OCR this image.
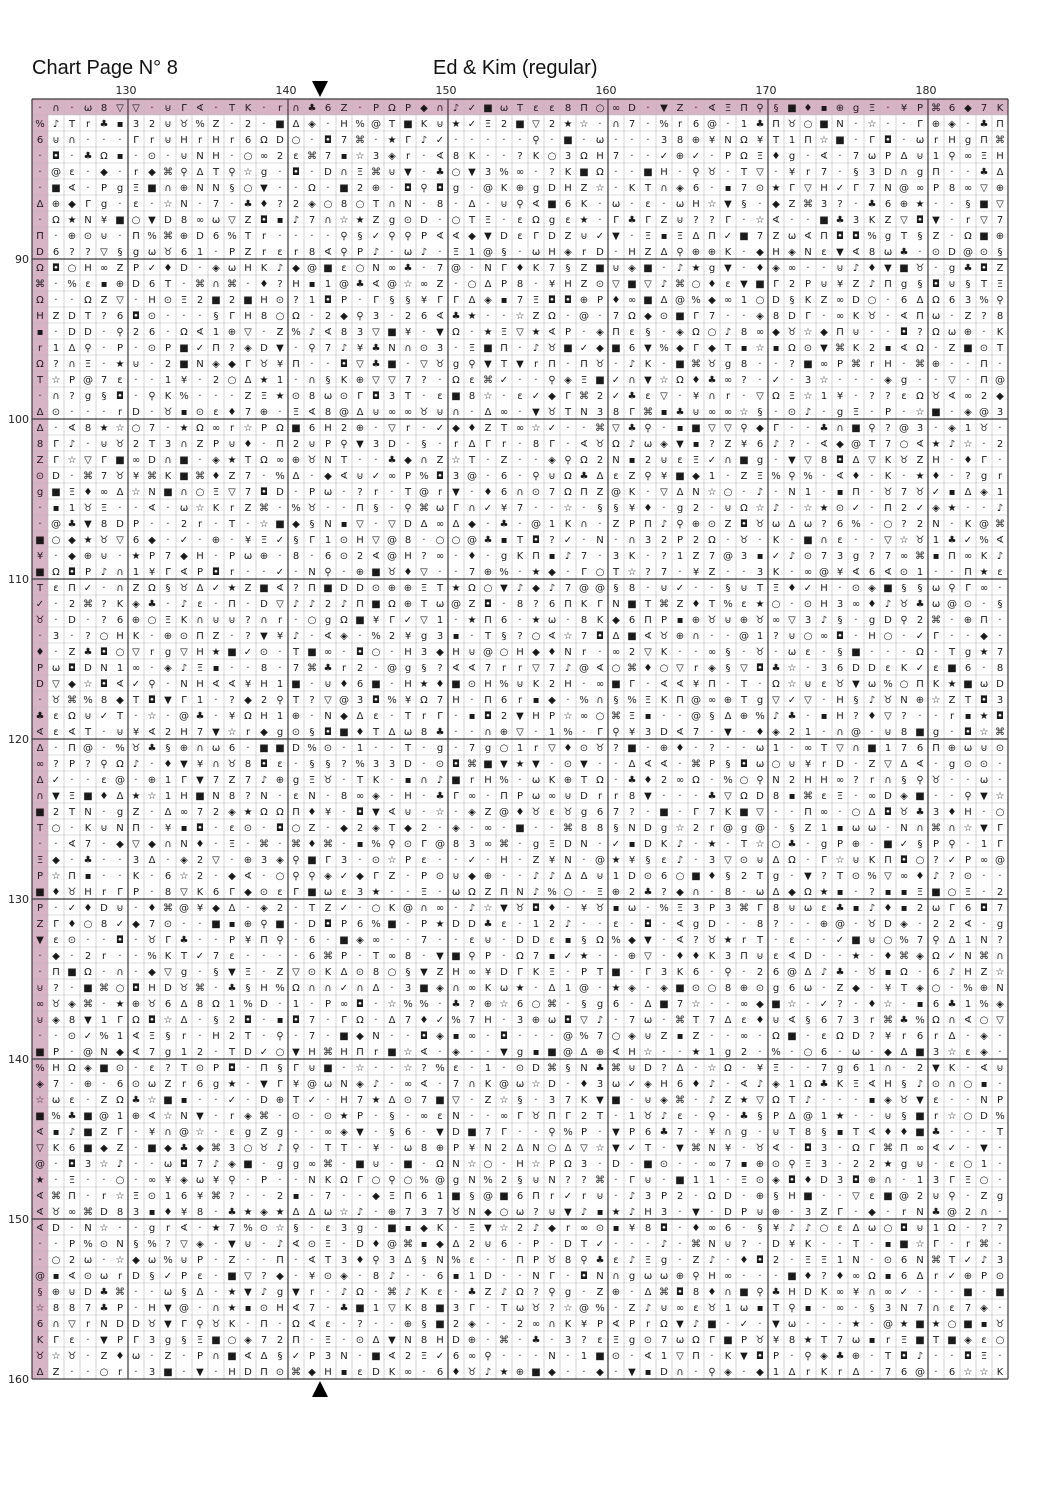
Chart Page N° 8	Ed & Kim (regular)
· ∩ · ω 8 ▽ ▽ · ⊍ Γ ∢ · T K · r ∩ ♣ 6 Z · P Ω P ◆ ∩ ♪ ✓ ■ ω T ε ε 8 Π ○ ∞ D · ▼ Z · ∢ Ξ Π ⚲ § ■ ♦ ▪ ⊕ g Ξ · ¥ P ⌘ 6 ◆ 7 K
% ♪ T r ♣ ▪ 3 2 ⊍ ♉ % Z · 2 · ■ Δ ◈ · H % @ T ■ K ⊍ ★ ✓ Ξ 2 ■ ▽ 2 ★ ☆ · ∩ 7 · % r 6 @ · 1 ♣ Π ♉ ○ ■ N · ☆ · · Γ ⊕ ◈ · ♣ Π
6 ⊍ ∩ · · · Γ r ⊍ H r H r 6 Ω D ○ · ◘ 7 ⌘ · ★ Γ ♪ ✓ · · · · · ⚲ · ■ · ω · · · 3 8 ⊕ ¥ N Ω ¥ T 1 Π ☆ ■ · Γ ◘ · ω r H g Π ⌘
· ◘ · ♣ Ω ▪ · ⊙ · ⊍ N H · ○ ∞ 2 ε ⌘ 7 ▪ ☆ 3 ◈ r · ∢ 8 K · · ? K ○ 3 Ω H 7 · · ✓ ⊕ ✓ · P Ω Ξ ♦ g · ∢ · 7 ω P Δ ⊍ 1 ⚲ ∞ Ξ H
· @ ε · ◆ · r ◆ ⌘ ⚲ Δ T ⚲ ☆ g · ◘ · D ∩ Ξ ⌘ ⊍ ▼ · ♣ ○ ▼ 3 % ∞ · ? K ■ Ω · · ■ H · ⚲ ♉ · T ▽ · ¥ r 7 · § 3 D ∩ g Π · · ♣ Δ
· ■ ∢ · P g Ξ ■ ∩ ⊕ N N § ○ ▼ · · Ω · ■ 2 ⊕ · ◘ ⚲ ◘ g · @ K ⊕ g D H Z ☆ · K T ∩ ◈ 6 · ▪ 7 ⊙ ★ Γ ▽ H ✓ Γ 7 N @ ∞ P 8 ∞ ▽ ⊕
Δ ⊕ ◆ Γ g · ε · ☆ N · 7 · ♣ ♦ ? 2 ◈ ○ 8 ○ T ∩ N · 8 · Δ · ⊍ ⚲ ∢ ■ 6 K · ω · ε · ω H ☆ ▼ § · ◆ Z ⌘ 3 ? · ♣ 6 ⊕ ★ · · § ■ ▽
· Ω ★ N ¥ ■ ○ ▼ D 8 ∞ ω ▽ Z ◘ ▪ ♪ 7 ∩ ☆ ★ Z g ⊙ D · ○ T Ξ · ε Ω g ε ★ · Γ ♣ Γ Z ⊍ ? ? Γ · ☆ ∢ · · ■ ♣ 3 K Z ▽ ◘ ▼ · r ▽ 7
Π · ⊕ ⊙ ⊍ · Π % ⌘ ⊕ D 6 % T r · · · · ⚲ § ✓ ⚲ ⚲ P ∢ ∢ ◆ ▼ D ε Γ D Z ⊍ ✓ ▼ · Ξ ▪ Ξ Δ Π ✓ ■ 7 Z ω ∢ Π ◘ ◘ % g T § Z · Ω ■ ⊕
D 6 ? ? ▽ § g ω ♉ 6 1 · P Z r ε r 8 ∢ ⚲ P ♪ · ω ♪ · Ξ 1 @ § · ω H ◈ r D · H Z Δ ⚲ ⊕ ⊕ K · ◆ H ◈ N ε ▼ ∢ 8 ω ♣ · ⊙ D @ ⊙ §
Ω ◘ ○ H ∞ Z P ✓ ♦ D · ◈ ω H K ♪ ◆ @ ■ ε ○ N ∞ ♣ · 7 @ · N Γ ♦ K 7 § Z ■ ⊍ ◈ ■ · ♪ ★ g ▼ · ♦ ◈ ∞ · · ⊍ ♪ ♦ ▼ ■ ♉ · g ♣ ◘ Z
⌘ · % ε ▪ ⊕ D 6 T · ⌘ ∩ ⌘ · ♦ ? H ▪ 1 @ ♣ ∢ @ ☆ ∞ Z · ○ Δ P 8 · ¥ H Z ⊙ ▽ ■ ▽ ♪ ⌘ ○ ♦ ε ▼ ■ Γ 2 P ⊍ ¥ Z ♪ Π g § ◘ ⊍ § T Ξ
Ω · · Ω Z ▽ · H ⊙ Ξ 2 ■ 2 ■ H ⊙ ? 1 ◘ P · Γ § § ¥ Γ Γ Δ ◈ ▪ 7 Ξ ◘ ◘ ⊕ P ♦ ∞ ■ Δ @ % ◆ ∞ 1 ○ D § K Z ∞ D ○ · 6 Δ Ω 6 3 % ⚲
H Z D T ? 6 ◘ ⊙ · · · § Γ H 8 ○ Ω · 2 ◆ ⚲ 3 · 2 6 ∢ ♣ ★ · · ☆ Z Ω · @ · 7 Ω ◆ ⊙ ■ Γ 7 · · ◈ 8 D Γ · ∞ K ♉ · ∢ Π ω · Z ? 8
▪ · D D · ⚲ 2 6 · Ω ∢ 1 ⊕ ▽ · Z % ♪ ∢ 8 3 ▽ ■ ¥ · ▼ Ω · ★ Ξ ▽ ★ ∢ P · ◈ Π ε § · ◈ Ω ○ ♪ 8 ∞ ◆ ♉ ☆ ◆ Π ⊍ · · ◘ ? Ω ω ⊕ · K
r 1 Δ ⚲ · P · ⊙ P ■ ✓ Π ? ◈ D ▼ · ⚲ 7 ♪ ¥ ♣ N ∩ ⊙ 3 · Ξ ■ Π · ♪ ♉ ■ ✓ ◆ ■ 6 ▼ % ◆ Γ ◆ T ▪ ☆ ▪ Ω ⊙ ▼ ⌘ K 2 ▪ ∢ Ω · Z ■ ⊙ T
Ω ? ∩ Ξ · ★ ⊍ · 2 ■ N ◈ ◆ Γ ♉ ¥ Π · · ◘ ▽ ♣ ■ · ▽ ♉ g ⚲ ▼ T ▼ r Π · Π ♉ · ♪ K · ■ ⌘ ♉ g 8 · · ? ■ ∞ P ⌘ r H · ⌘ ⊕ · · Π ·
T ☆ P @ 7 ε · · 1 ¥ · 2 ○ Δ ★ 1 · ∩ § K ⊕ ▽ ▽ 7 ? · Ω ε ⌘ ✓ · · ⚲ ◈ Ξ ■ ✓ ∩ ▼ ☆ Ω ♦ ♣ ∞ ? · ✓ · 3 ☆ · · · ◈ g · · ▽ · Π @
· ∩ ? g § ◘ · ⚲ K % · · · Z Ξ ★ ⊙ 8 ω ⊙ Γ ◘ 3 T · ε ■ 8 ☆ · ε ✓ ◆ Γ ⌘ 2 ✓ ♣ ε ▽ · ¥ ∩ r · ▽ Ω Ξ ☆ 1 ¥ · ? ? ε Ω ♉ ∢ ∞ 2 ◆
Δ ⊙ · · · r D · ♉ ▪ ⊙ ε ♦ 7 ⊕ · Ξ ∢ 8 @ Δ ⊍ ∞ ∞ ♉ ⊍ ∩ · Δ ∞ · ▼ ♉ T N 3 8 Γ ⌘ ▪ ♣ ⊍ ∞ ∞ ☆ § · ⊙ ♪ · g Ξ · P · ☆ ■ · ◈ @ 3
Δ · ∢ 8 ★ ☆ ○ 7 · ★ Ω ∞ r ☆ P Ω ■ 6 H 2 ⊕ · ▽ r · ✓ ◆ ♦ Z T ∞ ☆ ✓ · · ⌘ ▽ ♣ ⚲ · ▪ ■ ▽ ▽ ⚲ ◆ Γ · · ♣ ∩ ■ ⚲ ? @ 3 · ◈ 1 ♉ ·
8 Γ ♪ · ⊍ ♉ 2 T 3 ∩ Z P ⊍ ♦ · Π 2 ⊍ P ⚲ ▼ 3 D · § · r Δ Γ r · 8 Γ · ∢ ♉ Ω ♪ ω ◈ ▼ ▪ ? Z ¥ 6 ♪ ? · ∢ ◆ @ T 7 ○ ∢ ★ ♪ ☆ · 2
Z Γ ☆ ▽ Γ ■ ∞ D ∩ ■ · ◈ ★ T Ω ∞ ⊕ ♉ N T · · ♣ ◆ ∩ Z ☆ T · Z · · ◈ ⚲ Ω 2 N ▪ 2 ⊍ ε Ξ ✓ ∩ ■ g · ▼ ▽ 8 ◘ Δ ▽ K ♉ Z H · ♦ Γ ·
⊙ D · ⌘ 7 ♉ ¥ ⌘ K ■ ⌘ ♦ Z 7 · % Δ · ◆ ∢ ⊍ ✓ ∞ P % ◘ 3 @ · 6 · ⚲ ⊍ Ω ♣ Δ ε Z ⚲ ¥ ■ ◆ 1 · Z Ξ % ⚲ % · ∢ ♦ · K · ★ ♦ · ? g r
g ■ Ξ ♦ ∞ Δ ☆ N ■ ∩ ○ Ξ ▽ 7 ◘ D · P ω · ? r · T @ r ▼ · ♦ 6 ∩ ⊙ 7 Ω Π Z @ K · ▽ Δ N ☆ ○ · ♪ · N 1 · ▪ Π · ♉ 7 ♉ ✓ ▪ Δ ◈ 1
· ▪ 1 ♉ Ξ · · ∢ · ω ☆ K r Z ⌘ · % ♉ · · Π § · ⚲ ⌘ ω Γ ∩ ✓ ¥ 7 · · ☆ · § § ¥ ♦ · g 2 · ⊍ Ω ☆ ♪ · ☆ ★ ⊙ ✓ · Π 2 ✓ ◈ ★ · · ♪
· @ ♣ ▼ 8 D P · · 2 r · T · ☆ ■ ◆ § N ▪ ▽ · ▽ D Δ ∞ Δ ◆ · ♣ · @ 1 K ∩ · Z P Π ♪ ⚲ ⊕ ⊙ Z ◘ ♉ ω Δ ω ? 6 % · ○ ? 2 N · K @ ⌘
■ ○ ◆ ★ ♉ ▽ 6 ◆ · ✓ · ⊕ · ¥ Ξ ✓ § Γ 1 ⊙ H ▽ @ 8 · ○ ○ @ ♣ ▪ T ◘ ? ✓ · N · ∩ 3 2 P 2 Ω · ♉ · K · ■ ∩ ε · · ▽ ☆ ♉ 1 ♣ ✓ % ∢
¥ · ◆ ⊕ ⊍ · ★ P 7 ◆ H · P ω ⊕ · 8 · 6 ⊙ 2 ∢ @ H ? ∞ · ♦ · g K Π ▪ ♪ 7 · 3 K · ? 1 Z 7 @ 3 ▪ ✓ ♪ ⊙ 7 3 g ? 7 ∞ ⌘ ▪ Π ∞ K ♪
■ Ω ◘ P ♪ ∩ 1 ¥ Γ ∢ P ◘ r · · ✓ · N ⚲ · ⊕ ■ ♉ ♦ ▽ · · 7 ⊕ % · ★ ◆ · Γ ○ T ☆ ? 7 · ¥ Z · · 3 K · ∞ @ ¥ ∢ 6 ∢ ⊙ 1 · · Π ★ ε
T ε Π ✓ · ∩ Z Ω § ♉ Δ ✓ ★ Z ■ ∢ ? Π ■ D D ⊙ ⊕ ⊕ Ξ T ★ Ω ○ ▼ ♪ ◆ ♪ 7 @ @ § 8 · ⊍ ✓ · · § ⊍ T Ξ ♦ ✓ H · ⊙ ◈ ■ § § ω ⚲ Γ ∞ ·
✓ · 2 ⌘ ? K ◈ ♣ · ♪ ε · Π · D ▽ ♪ ♪ 2 ♪ Π ■ Ω ⊕ T ω @ Z ◘ · 8 ? 6 Π K Γ N ■ T ⌘ Z ♦ T % ε ★ ○ · ⊙ H 3 ∞ ♦ ♪ ♉ ♣ ω @ ⊙ · §
♉ · D · ? 6 ⊕ ○ Ξ K ∩ ⊍ ⊍ ? ∩ r · ○ g Ω ■ ¥ Γ ✓ ▽ 1 · ★ Π 6 · ★ ω · 8 K ◆ 6 Π P ▪ ⊕ ♉ ⊍ ⊕ ♉ ∞ ▽ 3 ♪ § · g D ⚲ 2 ⌘ · ⊕ Π ·
· 3 · ? ○ H K · ⊕ ⊙ Π Z · ? ▼ ¥ ♪ · ∢ ◈ · % 2 ¥ g 3 ▪ · T § ? ○ ∢ ☆ 7 ◘ Δ ■ ∢ ♉ ⊕ ∩ · · @ 1 ? ⊍ ○ ∞ ◘ · H ○ · ✓ Γ · · ◆ ·
♦ · Z ♣ ◘ ○ ▽ r g ▽ H ★ ■ ✓ ⊙ · T ■ ∞ · ◘ ○ · H 3 ◆ H ⊍ @ ○ H ◆ ♦ N r · ∞ 2 ▽ K · · ∞ § · ♉ · ω ε · § ■ · · · Ω · T g ★ 7
P ω ◘ D N 1 ∞ · ◈ ♪ Ξ ▪ · · 8 · 7 ⌘ ♣ r 2 · @ g § ? ∢ ∢ 7 r r ▽ 7 ♪ @ ∢ ○ ⌘ ♦ ○ ▽ r ◈ § ▽ ◘ ♣ ☆ · 3 6 D D ε K ✓ ε ■ 6 · 8
D ▽ ◆ ☆ ◘ ∢ ✓ ⚲ · N H ∢ ∢ ¥ H 1 ■ · ⊍ ♦ 6 ■ · H ★ ♦ ■ ⊙ H % ⊍ K 2 H · ∞ ■ Γ · ∢ ∢ ¥ Π · T · Ω ☆ ⊍ ε ♉ ▼ ω % ○ Π K ★ ■ ω D
· ♉ ⌘ % 8 ◆ T ◘ ▼ Γ 1 · ? ◆ 2 ⚲ T ? ▽ @ 3 ◘ % ¥ Ω 7 H · Π 6 r ▪ ◆ · % ∩ § % Ξ K Π @ ∞ ⊕ T g ▽ ✓ ▽ · H § ♪ ♉ N ⊕ ☆ Z T ◘ 3
♣ ε Ω ⊍ ✓ T · ☆ · @ ♣ · ¥ Ω H 1 ⊕ · N ◆ Δ ε · T r Γ · ▪ ◘ 2 ▼ H P ☆ ∞ ○ ⌘ Ξ ▪ · · @ § Δ ⊕ % ♪ ♣ · ▪ H ? ♦ ▽ ? · · r ▪ ★ ◘
∢ ε ∢ T · ⊍ ¥ ∢ 2 H 7 ▼ ☆ r ◆ g ⊙ § ◘ ■ ♦ T Δ ω 8 ♣ · · ∩ ⊕ ▽ · 1 % · Γ ⚲ ¥ 3 D ∢ 7 · ▼ · ♦ ◈ 2 1 · ∩ @ · ⊍ 8 ■ g · ◘ ☆ ⌘
Δ · Π @ · % ♉ ♣ § ⊕ ∩ ω 6 · ■ ■ D % ⊙ · 1 · · T · g · 7 g ○ 1 r ▽ ♦ ⊙ ♉ ? ■ · ⊕ ♦ · ? · · ω 1 · ∞ T ▽ ∩ ■ 1 7 6 Π ⊕ ω ⊍ ⊙
∞ ? P ? ⚲ Ω ♪ · ♦ ▼ ¥ ∩ ♉ 8 ◘ ε · § § ? % 3 3 D · ⊙ ◘ ⌘ ■ ▼ ★ ▼ · ⊙ ▼ · · Δ ∢ ∢ · ⌘ P § ◘ ω ○ ⊍ ¥ r D · Z ▽ Δ ∢ · g ⊙ ⊙ ·
Δ ✓ · · ε @ · ⊕ 1 Γ ▼ 7 Z 7 ♪ ⊕ g Ξ ♉ · T K · ▪ ∩ ♪ ■ r H % · ω K ⊕ T Ω · ♣ ♦ 2 ∞ Ω · % ○ ⚲ N 2 H H ∞ ? r ∩ § ⚲ ♉ · · ω ·
∩ ▼ Ξ ■ ♦ Δ ★ ☆ 1 H ■ N 8 ? N · ε N · 8 ∞ ◈ · H · ♣ Γ ∞ · Π P ω ∞ ⊍ D r r 8 ▼ · · · ♣ ▽ Ω D 8 ▪ ⌘ ε Ξ · ∞ D ◈ ■ · · ⚲ ▼ ☆
■ 2 T N · g Z · Δ ∞ 7 2 ◈ ★ Ω Ω Π ♦ ¥ · ◘ ▼ ∢ ⊍ · ☆ · ◈ Z @ ♦ ♉ ε ♉ g 6 7 ? · ■ · Γ 7 K ■ ▽ · · Π ∞ · ○ Δ ◘ ♉ ♣ 3 ♦ H · ○
T ○ · K ⊍ N Π · ¥ ▪ ◘ · ε ⊙ · ◘ ○ Z · ◆ 2 ◈ T ◆ 2 · ◈ · ∞ · ■ · · ⌘ 8 8 § N D g ☆ 2 r @ g @ · § Z 1 ▪ ω ω · N ∩ ⌘ ∩ ☆ ▼ Γ
· · ∢ 7 · ◆ ▽ ◆ ∩ N ♦ · Ξ · ⌘ · ⌘ ♦ ⌘ · ▪ % ⚲ ⊙ Γ @ 8 3 ∞ ⌘ · g Ξ D N · ✓ ▪ D K ♪ · ★ · T ☆ ○ ♣ · g P ⊕ · ■ ✓ § P ⚲ · 1 Γ
Ξ ◆ · ♣ · · 3 Δ · ◈ 2 ▽ · ⊕ 3 ◈ ⚲ ■ Γ 3 · ⊙ ☆ P ε · · ✓ · H · Z ¥ N · @ ★ ¥ § ε ♪ · 3 ▽ ⊙ ⊍ Δ Ω · Γ ☆ ⊍ K Π ◘ ○ ? ✓ P ∞ @
P ☆ Π ▪ · · K · 6 ☆ 2 · ◆ ∢ · ○ ⚲ ⚲ ◈ ✓ ◆ Γ Z · P ⊙ ⊍ ◆ ⊕ · · ♪ ♪ Δ Δ ⊍ 1 D ⊙ 6 ○ ■ ♦ § 2 T g · ▼ ? T ⊙ % ▽ ∞ ♦ ♪ ? ⊙ · ·
■ ♦ ♉ H r Γ P · 8 ▽ K 6 Γ ◆ ⊙ ε Γ ■ ω ε 3 ★ · · Ξ · ω Ω Z Π N ♪ % ○ · Ξ ⊕ 2 ♣ ? ◆ ∩ · 8 · ω Δ ◆ Ω ★ ▪ · ? ▪ ▪ Ξ ■ ○ Ξ · 2
P · ✓ ♦ D ⊍ · ♦ ⌘ @ ¥ ◆ Δ · ◈ 2 · T Z ✓ · ○ K @ ∩ ∞ · ♪ ☆ ▼ ♉ ◘ ♦ · ¥ ♉ ▪ ω · % Ξ 3 P 3 ⌘ Γ 8 ⊍ ω ε ♣ ▪ ♪ ♦ ▪ 2 ω Γ 6 ◘ 7
Z Γ ♦ ○ 8 ✓ ◆ 7 ⊙ · · ■ ▪ ⊕ ⚲ ■ · D ◘ P 6 % ■ · P ★ D D ♣ ε · 1 2 ♪ · · ε · ◘ · ∢ g D · · 8 ? · · ⊕ @ · ♉ D ◈ · 2 2 ∢ · g
▼ ε ⊙ · · ◘ · ♉ Γ ♣ · · P ¥ Π ⚲ · 6 · ■ ◈ ∞ · · 7 · · ε ⊍ · D D ε ▪ § Ω % ◆ ▼ · ∢ ? ♉ ★ r T · ε · · ✓ ■ ⊍ ○ % 7 ⚲ Δ 1 N ?
· ◆ · 2 r · · % K T ✓ 7 ε · · · · 6 ⌘ P · T ∞ 8 · ▼ ■ ⚲ P · Ω 7 ▪ ✓ ★ · · ⊕ ▽ · ♦ ♦ K 3 Π ⊍ ε ∢ D · · ★ · ♦ ⌘ ◈ Ω ✓ N ⌘ ∩
· Π ■ Ω · ∩ · ◆ ▽ g · § ▼ Ξ · Z ▽ ⊙ K Δ ⊙ 8 ○ § ▼ Z H ∞ ¥ D Γ K Ξ · P T ■ · Γ 3 K 6 · ⚲ · 2 6 @ Δ ♪ ♣ · ♉ ▪ Ω · 6 ♪ H Z ☆
⊍ ? · ■ ⌘ ○ ◘ H D ♉ ⌘ · ♣ § H % Ω ∩ ∩ ✓ ∩ Δ · 3 ■ ◈ ∩ ∞ K ω ★ · Δ 1 @ · ★ ◈ · ◈ ■ ⊙ ○ 8 ⊕ ⊙ g 6 ω · Z ◆ · ¥ T ◈ ○ · % ⊕ N
∞ ♉ ◈ ⌘ · ★ ⊕ ♉ 6 Δ 8 Ω 1 % D · 1 · P ∞ ◘ · ☆ % % · ♣ ? ⊕ ☆ 6 ○ ⌘ · § g 6 · Δ ■ 7 ☆ · · ∞ ◆ ■ ☆ · ✓ ? · ♦ ☆ · ▪ 6 ♣ 1 % ◈
⊍ ◈ 8 ▼ 1 Γ Ω ◘ ☆ Δ · § 2 ◘ · ▪ ◘ 7 · Γ Ω · Δ 7 ♦ ✓ % 7 H · 3 ⊕ ω ◘ ▽ ♪ · 7 ω · ⌘ T 7 Δ ε ♦ ⊍ ∢ § 6 7 3 r ⌘ ♣ % Ω ∩ ∢ ○ ▽
· · ⊙ ✓ % 1 ∢ Ξ § r · H 2 T · ⚲ · 7 · ■ ◆ N · · ◘ ◈ ▪ ∞ · ◘ · · · @ % 7 ○ ◈ ⊍ Z ▪ Z · · ∞ · Ω ■ · ε Ω D ? ¥ r 6 r Δ · ◈ ·
■ P · @ N ◆ ∢ 7 g 1 2 · T D ✓ ○ ▼ H ⌘ H Π r ■ ☆ ∢ · ◈ · · ▼ g ▪ ■ @ Δ ⊕ ∢ H ☆ · · ★ 1 g 2 · % · ○ 6 · ω · ◆ Δ ■ 3 ☆ ε ◈ ·
% H Ω ◈ ■ ⊙ · ε ? T ⊙ P ◘ · Π § Γ ⊍ ■ · ☆ · · ☆ ? % ε · 1 · ⊙ D ⌘ § N ♣ ⌘ ⊍ D ? Δ · ☆ Ω · ¥ Ξ · · 7 g 6 1 ∩ · 2 ▼ K · ∢ ⊍
◈ 7 · ⊕ · 6 ⊙ ω Z r 6 g ★ · ▼ Γ ¥ @ ω N ◈ ♪ · ∞ ∢ · 7 ∩ K @ ω ☆ D · ♦ 3 ω ✓ ◈ H 6 ♦ ♪ · ∢ ♪ ◈ 1 Ω ♣ K Ξ ∢ H § ♪ ⊙ ∩ ○ ▪ ·
☆ ω ε · Z Ω ♣ ☆ ■ ▪ · · ✓ · D ⊕ T ✓ · H 7 ★ Δ ⊙ 7 ■ ▽ · Z ☆ § · 3 7 K ▼ ■ · ⊍ ◈ ⌘ · ♪ Z ★ ▽ Ω T ♪ · · · ▪ ◈ ♉ ▼ ε · · N P
■ % ♣ ■ @ 1 ⊕ ∢ ☆ N ▼ · r ◈ ⌘ · ⊙ · ⊙ ★ P · § · ∞ ε N · · ∞ Γ ♉ Π Γ 2 T · 1 ♉ ♪ ε · ⚲ · ♣ § P Δ @ 1 ★ · · ⊍ § ■ r ☆ ○ D %
∢ ▪ ♪ ■ Z Γ · ¥ ∩ @ ☆ · ε g Z g · · ∞ ◈ ▼ · § 6 · ▼ D ■ 7 Γ · · ⚲ % P · ▼ P 6 ♣ 7 · ¥ ∩ g · ⊍ T 8 § ▪ T ∢ ♦ ♦ ■ ♣ · · · T
▽ K 6 ■ ◆ Z · ■ ◆ ♣ ◆ ⌘ 3 ○ ♉ ♪ ⚲ · T T · ¥ · ω 8 ⊕ P ¥ N 2 Δ N ○ Δ ▽ ☆ ▼ ✓ T · ▼ ⌘ N ¥ · ♉ ∢ · ◘ 3 · Ω Γ ⌘ Π ∞ ∢ ✓ · ▼ ·
@ · ◘ 3 ☆ ♪ · · ω ◘ 7 ♪ ◈ ■ · g g ∞ ⌘ · ■ ⊍ · ■ · Ω N ☆ ○ · H ☆ P Ω 3 · D · ■ ⊙ · · ∞ 7 ▪ ⊕ ⊙ ⚲ Ξ 3 · 2 2 ★ g ⊍ · ε ○ 1 ·
★ · Ξ · · ○ · ∞ ¥ ◈ ω ¥ ⚲ · P · · N K Ω Γ ○ ⚲ ○ % @ g N % 2 § ⊍ N ? ? ⌘ · Γ ⊍ · ■ 1 1 · Ξ ⊙ ◈ ◘ ♦ D 3 ◘ ⊕ ∩ · 1 3 Γ Ξ ○ ·
∢ ⌘ Π · r ☆ Ξ ⊙ 1 6 ¥ ⌘ ? · · 2 ▪ · 7 · · ◆ Ξ Π 6 1 ■ § @ ■ 6 Π r ✓ r ⊍ · ♪ 3 P 2 · Ω D · ⊕ § H ■ · · ▽ ε ■ @ 2 ⊍ ⚲ · Z g
∢ ♉ ∞ ⌘ D 8 3 ▪ ♦ ¥ 8 · ♣ ★ ◈ ★ Δ Δ ω ☆ ♪ · ⊕ 7 3 7 ♉ N ◆ ○ ω ? ⊍ ▼ ♪ ▪ ★ ♪ H 3 · ▼ · D P ⊍ ⊕ · 3 Z Γ · ◆ · r N ♣ @ 2 ∩ ·
∢ D · N ☆ · · g r ∢ · ★ 7 % ⊙ ☆ § · ε 3 g · ■ ▪ ◆ K · Ξ ▼ ☆ 2 ♪ ◆ r ∞ ⊙ ▪ ¥ 8 ◘ · ♦ ∞ 6 · § ¥ ♪ ♪ ○ ε Δ ω ○ ◘ ⊍ 1 Ω · ? ?
· · P % ⊙ N § % ? ▽ ◈ · ▼ ⊍ · ♪ ∢ ⊙ Ξ · D ♦ @ ⌘ ▪ ◆ Δ 2 ⊍ 6 · P · D T ✓ · · · ♪ · ⌘ N ⊍ ? · D ¥ K · · T · ▪ ■ ☆ Γ · r ⌘ ·
· ○ 2 ω · ☆ ◆ ω % ⊍ P · Z · · Π · ∢ T 3 ♦ ⚲ 3 Δ § N % ε · · Π P ♉ 8 ⚲ ♣ ε ♪ Ξ g · Z ♪ · ♦ ◘ 2 · Ξ Ξ 1 N · ⊙ 6 N ⌘ T ✓ ♪ 3
@ ▪ ∢ ⊙ ω r D § ✓ P ε · ■ ▽ ? ◆ · ¥ ⊙ ◈ · 8 ♪ · · 6 ▪ 1 D · · N Γ · ◘ N ∩ g ω ω ⊕ ⚲ H ∞ · · · ■ ♦ ? ♦ ∞ Ω ▪ 6 Δ r ✓ ⊕ P ⊙
§ ⊕ ⊍ D ♣ ⌘ · · ω § Δ · ★ ▼ ♪ g ▼ r · ♪ Ω · ⌘ ♪ K ε · ♣ Z ♪ Ω ? ⚲ g · Z ⊕ · Δ ⌘ ◘ 8 ♦ ∩ ■ ⚲ ♣ H D K ∞ ¥ ∩ ∞ ✓ · · · ■ · ■
☆ 8 8 7 ♣ P · H ▼ @ · ∩ ★ ▪ ⊙ H ∢ 7 · ♣ ■ 1 ▽ K 8 ■ 3 Γ · T ω ♉ ? ☆ @ % · Z ♪ ⊍ ∞ ε ♉ 1 ω ▪ T ⚲ ▪ · ∞ · § 3 N 7 ∩ ε 7 ◈ ·
6 ∩ ▽ r N D D ♉ ▼ Γ ⚲ ♉ K · Π · Ω ∢ ε · ? · · ⊕ § ■ 2 ◈ · · 2 ∞ ∩ K ¥ P ∢ P r Ω ▼ ♪ ■ · ✓ · ▼ ω · · · ★ · @ ★ ■ ★ ○ ■ ▪ ♉
K Γ ε · ▼ P Γ 3 g § Ξ ■ ○ ◈ 7 2 Π · Ξ · ⊙ Δ ▼ N 8 H D ⊕ · ⌘ · ♣ · 3 ? ε Ξ g ⊙ 7 ω Ω Γ ■ P ♉ ¥ 8 ★ T 7 ω ▪ r Ξ ■ T ■ ◈ ε ○
♉ ☆ ♉ · Z ♦ ω · Z · P ∩ ■ ∢ Δ § ✓ P 3 N · ■ ∢ 2 Ξ ✓ 6 ∞ ⚲ · · · N · 1 ■ ⊙ · ∢ 1 ▽ Π · K ▼ ◘ P · ⚲ ◈ ♣ ⊕ · T ◘ ♪ · · ◘ Ξ ·
Δ Z · · ○ r · 3 ■ · ▼ · H D Π ⊙ ⌘ ◆ H ▪ ε D K ∞ · 6 ♦ ♉ ♪ ★ ⊕ ■ ◆ · · ◆ · ▼ ▪ D ∩ · ⚲ ◈ · ◆ 1 Δ r K r Δ · 7 6 @ · 6 ☆ ☆ K
130	140	150	160	170	180
90
100
110
120
130
140
150
160
